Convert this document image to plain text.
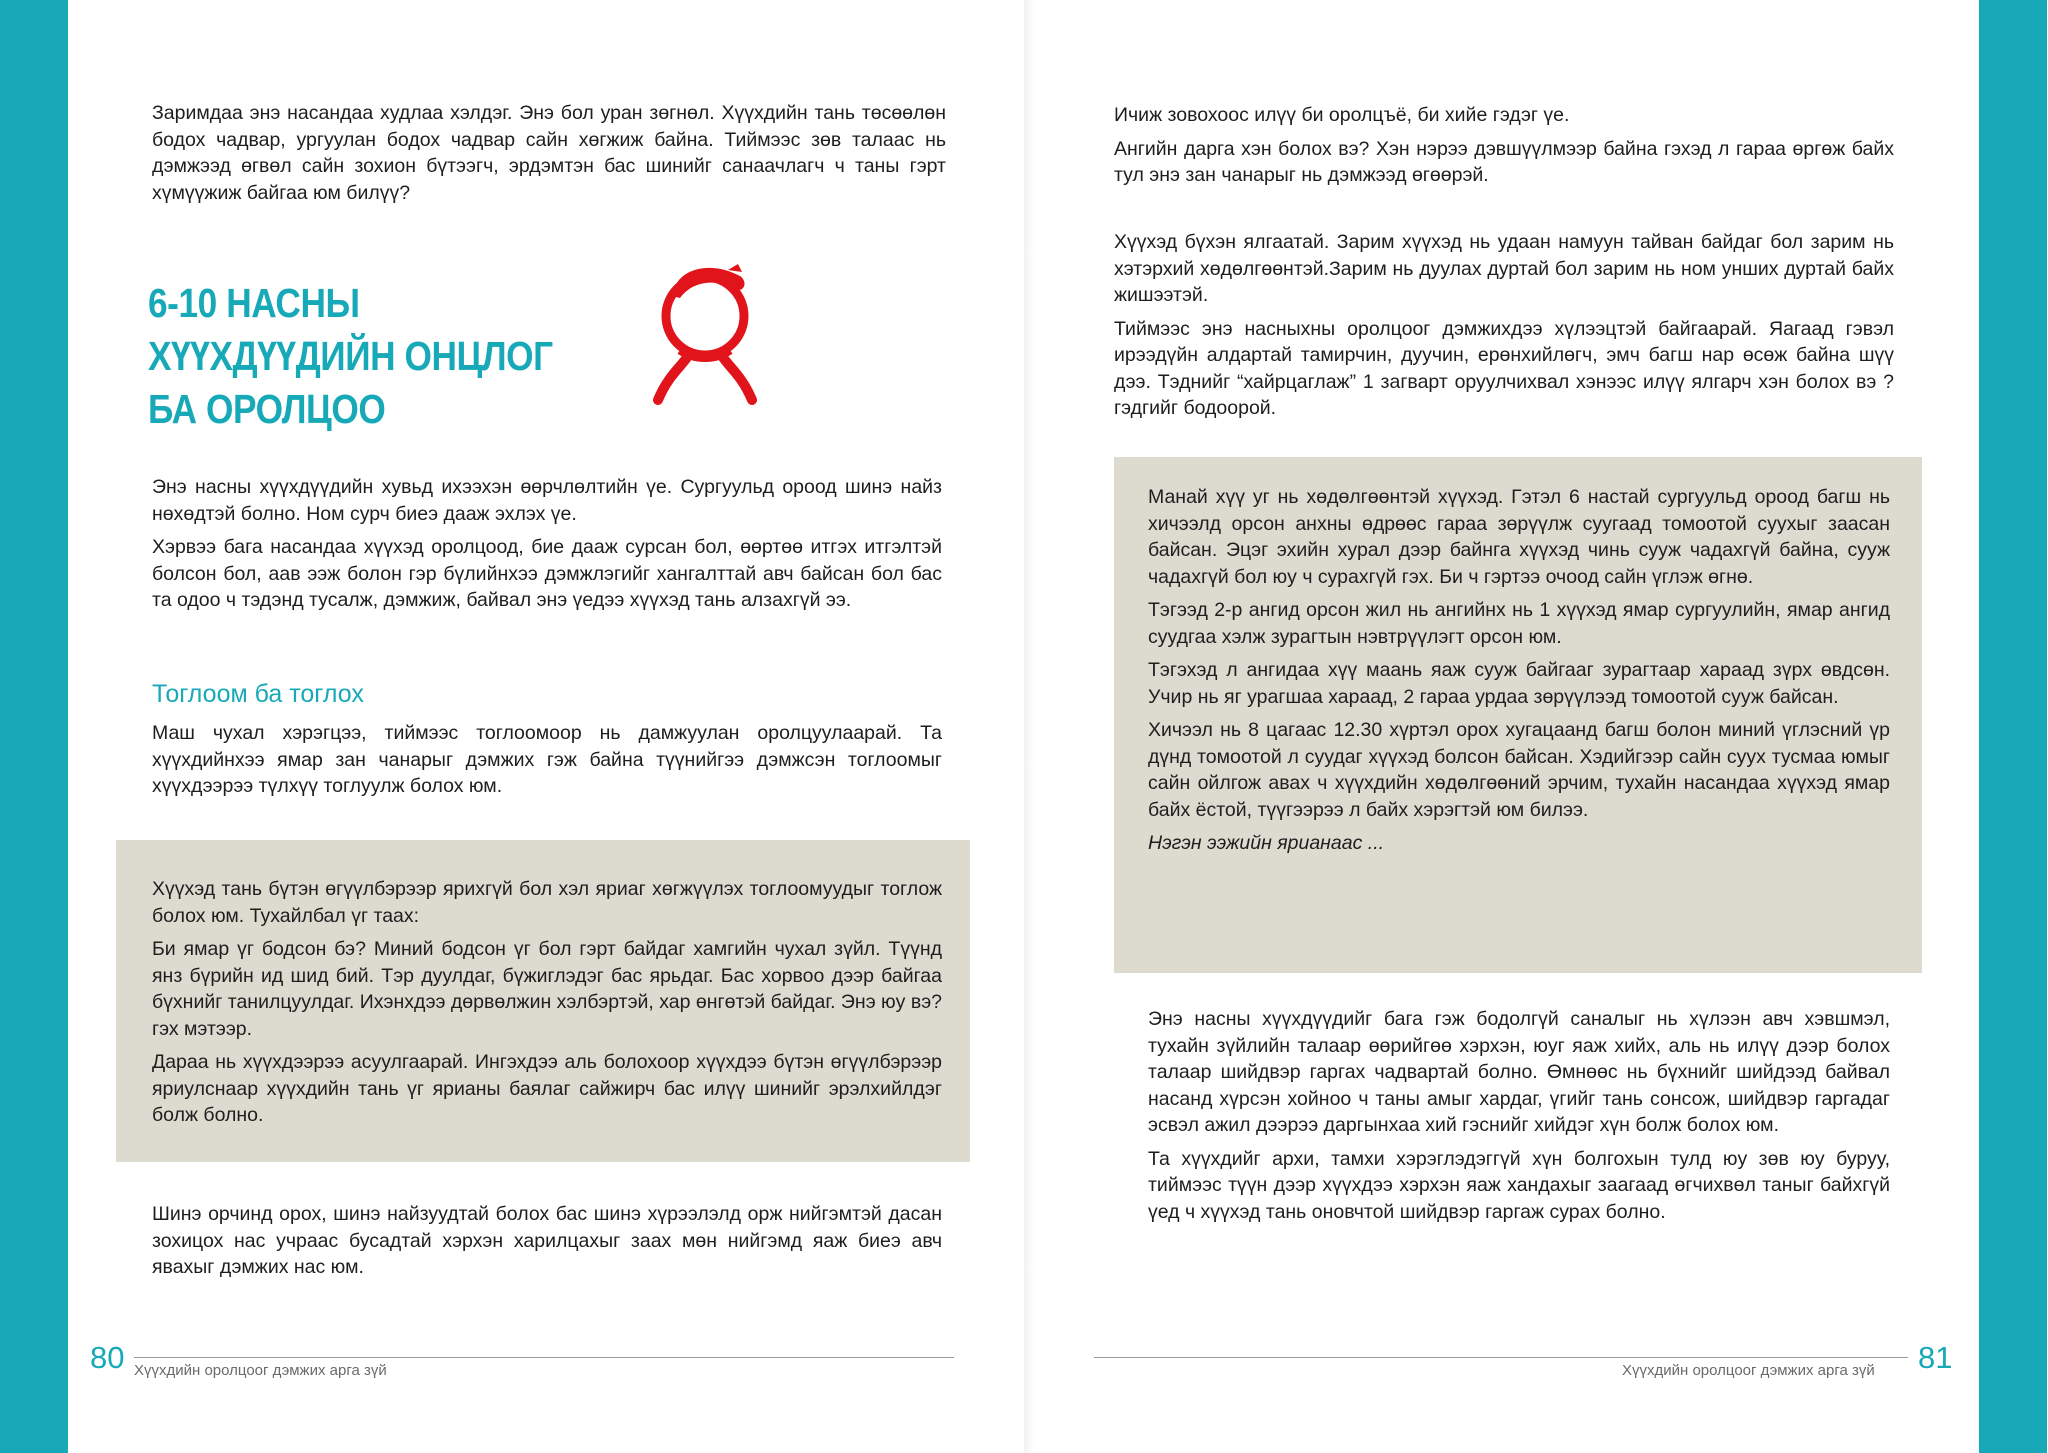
Заримдаа энэ насандаа худлаа хэлдэг. Энэ бол уран зөгнөл. Хүүхдийн тань төсөөлөн бодох чадвар, ургуулан бодох чадвар сайн хөгжиж байна. Тиймээс зөв талаас нь дэмжээд өгвөл сайн зохион бүтээгч, эрдэмтэн бас шинийг санаачлагч ч таны гэрт хүмүүжиж байгаа юм билүү?

6-10 НАСНЫ
ХҮҮХДҮҮДИЙН ОНЦЛОГ
БА ОРОЛЦОО

Энэ насны хүүхдүүдийн хувьд ихээхэн өөрчлөлтийн үе. Сургуульд ороод шинэ найз нөхөдтэй болно. Ном сурч биеэ дааж эхлэх үе.

Хэрвээ бага насандаа хүүхэд оролцоод, бие дааж сурсан бол, өөртөө итгэх итгэлтэй болсон бол, аав ээж болон гэр бүлийнхээ дэмжлэгийг хангалттай авч байсан бол бас та одоо ч тэдэнд тусалж, дэмжиж, байвал энэ үедээ хүүхэд тань алзахгүй ээ.

Тоглоом ба тоглох

Маш чухал хэрэгцээ, тиймээс тоглоомоор нь дамжуулан оролцуулаарай. Та хүүхдийнхээ ямар зан чанарыг дэмжих гэж байна түүнийгээ дэмжсэн тоглоомыг хүүхдээрээ түлхүү тоглуулж болох юм.

Хүүхэд тань бүтэн өгүүлбэрээр ярихгүй бол хэл яриаг хөгжүүлэх тоглоомуудыг тоглож болох юм. Тухайлбал үг таах:

Би ямар үг бодсон бэ? Миний бодсон үг бол гэрт байдаг хамгийн чухал зүйл. Түүнд янз бүрийн ид шид бий. Тэр дуулдаг, бүжиглэдэг бас ярьдаг. Бас хорвоо дээр байгаа бүхнийг танилцуулдаг. Ихэнхдээ дөрвөлжин хэлбэртэй, хар өнгөтэй байдаг. Энэ юу вэ? гэх мэтээр.

Дараа нь хүүхдээрээ асуулгаарай. Ингэхдээ аль болохоор хүүхдээ бүтэн өгүүлбэрээр яриулснаар хүүхдийн тань үг ярианы баялаг сайжирч бас илүү шинийг эрэлхийлдэг болж болно.

Шинэ орчинд орох, шинэ найзуудтай болох бас шинэ хүрээлэлд орж нийгэмтэй дасан зохицох нас учраас бусадтай хэрхэн харилцахыг заах мөн нийгэмд яаж биеэ авч явахыг дэмжих нас юм.

80 Хүүхдийн оролцоог дэмжих арга зүй

Ичиж зовохоос илүү би оролцъё, би хийе гэдэг үе.

Ангийн дарга хэн болох вэ? Хэн нэрээ дэвшүүлмээр байна гэхэд л гараа өргөж байх тул энэ зан чанарыг нь дэмжээд өгөөрэй.

Хүүхэд бүхэн ялгаатай. Зарим хүүхэд нь удаан намуун тайван байдаг бол зарим нь хэтэрхий хөдөлгөөнтэй.Зарим нь дуулах дуртай бол зарим нь ном унших дуртай байх жишээтэй.

Тиймээс энэ насныхны оролцоог дэмжихдээ хүлээцтэй байгаарай. Яагаад гэвэл ирээдүйн алдартай тамирчин, дуучин, ерөнхийлөгч, эмч багш нар өсөж байна шүү дээ. Тэднийг “хайрцаглаж” 1 загварт оруулчихвал хэнээс илүү ялгарч хэн болох вэ ? гэдгийг бодоорой.

Манай хүү уг нь хөдөлгөөнтэй хүүхэд. Гэтэл 6 настай сургуульд ороод багш нь хичээлд орсон анхны өдрөөс гараа зөрүүлж суугаад томоотой суухыг заасан байсан. Эцэг эхийн хурал дээр байнга хүүхэд чинь сууж чадахгүй байна, сууж чадахгүй бол юу ч сурахгүй гэх. Би ч гэртээ очоод сайн үглэж өгнө.

Тэгээд 2-р ангид орсон жил нь ангийнх нь 1 хүүхэд ямар сургуулийн, ямар ангид суудгаа хэлж зурагтын нэвтрүүлэгт орсон юм.

Тэгэхэд л ангидаа хүү маань яаж сууж байгааг зурагтаар хараад зүрх өвдсөн. Учир нь яг урагшаа хараад, 2 гараа урдаа зөрүүлээд томоотой сууж байсан.

Хичээл нь 8 цагаас 12.30 хүртэл орох хугацаанд багш болон миний үглэсний үр дүнд томоотой л суудаг хүүхэд болсон байсан. Хэдийгээр сайн суух тусмаа юмыг сайн ойлгож авах ч хүүхдийн хөдөлгөөний эрчим, тухайн насандаа хүүхэд ямар байх ёстой, түүгээрээ л байх хэрэгтэй юм билээ.

Нэгэн ээжийн ярианаас ...

Энэ насны хүүхдүүдийг бага гэж бодолгүй саналыг нь хүлээн авч хэвшмэл, тухайн зүйлийн талаар өөрийгөө хэрхэн, юуг яаж хийх, аль нь илүү дээр болох талаар шийдвэр гаргах чадвартай болно. Өмнөөс нь бүхнийг шийдээд байвал насанд хүрсэн хойноо ч таны амыг хардаг, үгийг тань сонсож, шийдвэр гаргадаг эсвэл ажил дээрээ даргынхаа хий гэснийг хийдэг хүн болж болох юм.

Та хүүхдийг архи, тамхи хэрэглэдэггүй хүн болгохын тулд юу зөв юу буруу, тиймээс түүн дээр хүүхдээ хэрхэн яаж хандахыг заагаад өгчихвөл таныг байхгүй үед ч хүүхэд тань оновчтой шийдвэр гаргаж сурах болно.

Хүүхдийн оролцоог дэмжих арга зүй 81
